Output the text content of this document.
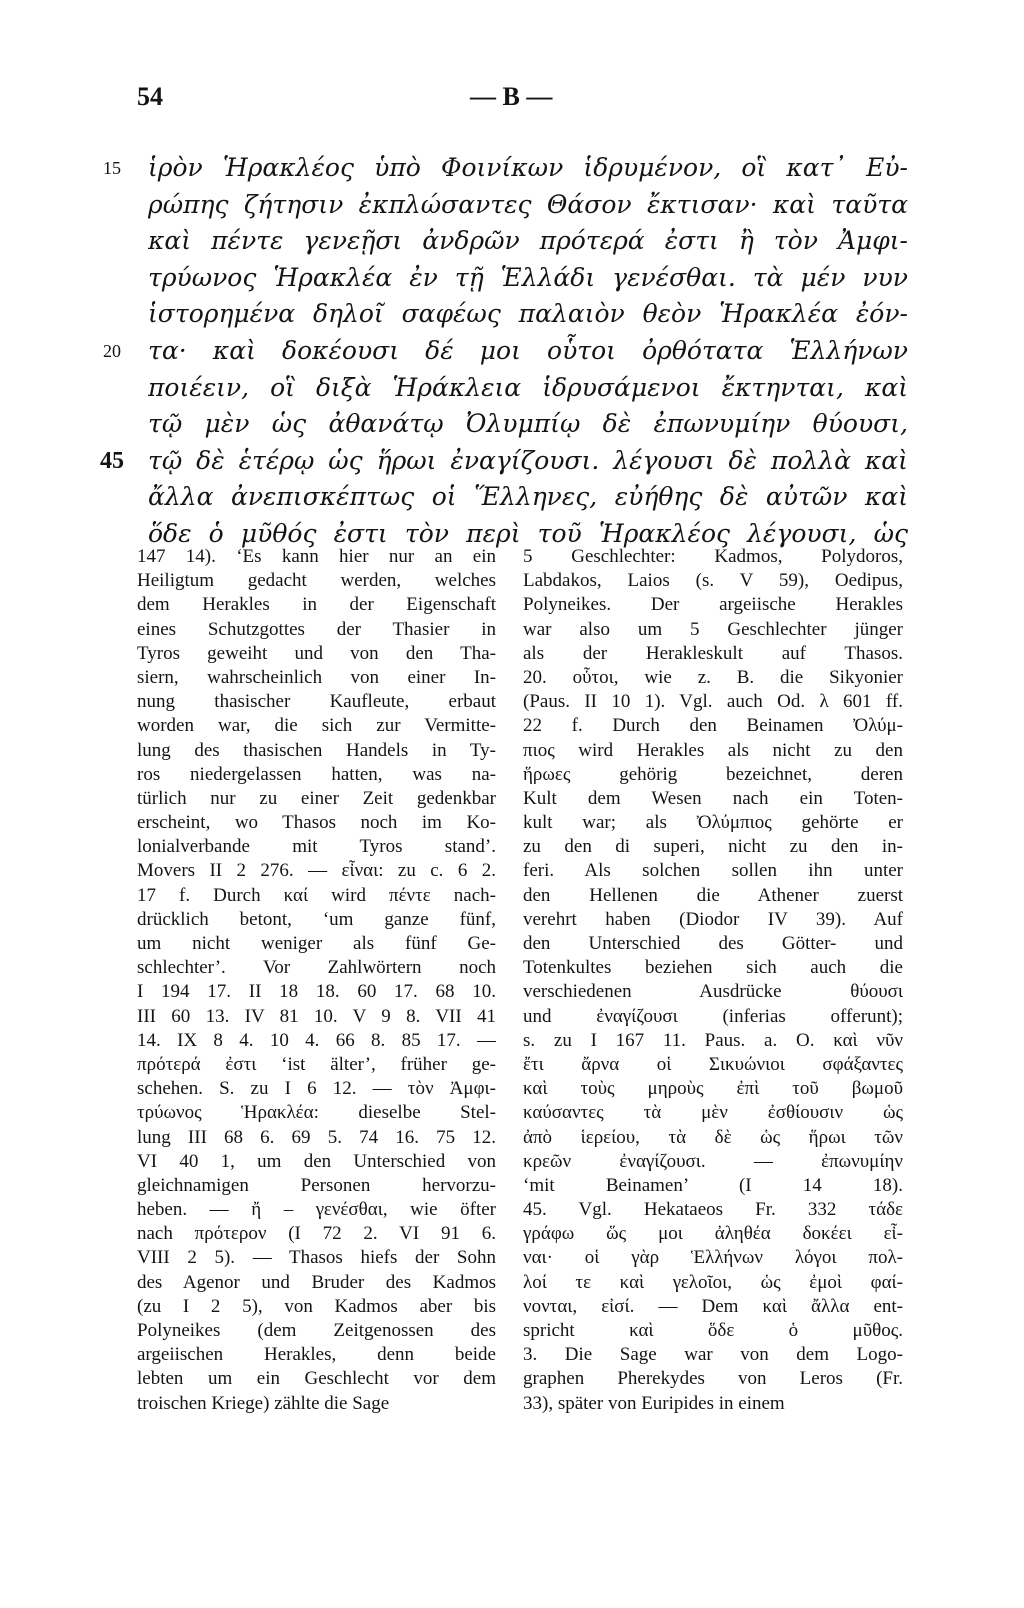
54	— B —
15 ἱρὸν Ἡρακλέος ὑπὸ Φοινίκων ἱδρυμένον, οἳ κατ᾽ Εὐ-
ρώπης ζήτησιν ἐκπλώσαντες Θάσον ἔκτισαν· καὶ ταῦτα
καὶ πέντε γενεῇσι ἀνδρῶν πρότερά ἐστι ἢ τὸν Ἀμφι-
τρύωνος Ἡρακλέα ἐν τῇ Ἑλλάδι γενέσθαι. τὰ μέν νυν
ἱστορημένα δηλοῖ σαφέως παλαιὸν θεὸν Ἡρακλέα ἐόν-
20 τα· καὶ δοκέουσι δέ μοι οὗτοι ὀρθότατα Ἑλλήνων
ποιέειν, οἳ διξὰ Ἡράκλεια ἱδρυσάμενοι ἔκτηνται, καὶ
τῷ μὲν ὡς ἀθανάτῳ Ὀλυμπίῳ δὲ ἐπωνυμίην θύουσι,
45 τῷ δὲ ἑτέρῳ ὡς ἥρωι ἐναγίζουσι. λέγουσι δὲ πολλὰ καὶ
ἄλλα ἀνεπισκέπτως οἱ Ἕλληνες, εὐήθης δὲ αὐτῶν καὶ
ὅδε ὁ μῦθός ἐστι τὸν περὶ τοῦ Ἡρακλέος λέγουσι, ὡς
147 14). ‘Es kann hier nur an ein
Heiligtum gedacht werden, welches
dem Herakles in der Eigenschaft
eines Schutzgottes der Thasier in
Tyros geweiht und von den Tha-
siern, wahrscheinlich von einer In-
nung thasischer Kaufleute, erbaut
worden war, die sich zur Vermitte-
lung des thasischen Handels in Ty-
ros niedergelassen hatten, was na-
türlich nur zu einer Zeit gedenkbar
erscheint, wo Thasos noch im Ko-
lonialverbande mit Tyros stand’.
Movers II 2 276. — εἶναι: zu c. 6 2.
17 f. Durch καί wird πέντε nach-
drücklich betont, ‘um ganze fünf,
um nicht weniger als fünf Ge-
schlechter’. Vor Zahlwörtern noch
I 194 17. II 18 18. 60 17. 68 10.
III 60 13. IV 81 10. V 9 8. VII 41
14. IX 8 4. 10 4. 66 8. 85 17. —
πρότερά ἐστι ‘ist älter’, früher ge-
schehen. S. zu I 6 12. — τὸν Ἀμφι-
τρύωνος Ἡρακλέα: dieselbe Stel-
lung III 68 6. 69 5. 74 16. 75 12.
VI 40 1, um den Unterschied von
gleichnamigen Personen hervorzu-
heben. — ἤ – γενέσθαι, wie öfter
nach πρότερον (I 72 2. VI 91 6.
VIII 2 5). — Thasos hiefs der Sohn
des Agenor und Bruder des Kadmos
(zu I 2 5), von Kadmos aber bis
Polyneikes (dem Zeitgenossen des
argeiischen Herakles, denn beide
lebten um ein Geschlecht vor dem
troischen Kriege) zählte die Sage
5 Geschlechter: Kadmos, Polydoros,
Labdakos, Laios (s. V 59), Oedipus,
Polyneikes. Der argeiische Herakles
war also um 5 Geschlechter jünger
als der Herakleskult auf Thasos.
20. οὗτοι, wie z. B. die Sikyonier
(Paus. II 10 1). Vgl. auch Od. λ 601 ff.
22 f. Durch den Beinamen Ὀλύμ-
πιος wird Herakles als nicht zu den
ἥρωες gehörig bezeichnet, deren
Kult dem Wesen nach ein Toten-
kult war; als Ὀλύμπιος gehörte er
zu den di superi, nicht zu den in-
feri. Als solchen sollen ihn unter
den Hellenen die Athener zuerst
verehrt haben (Diodor IV 39). Auf
den Unterschied des Götter- und
Totenkultes beziehen sich auch die
verschiedenen Ausdrücke θύουσι
und ἐναγίζουσι (inferias offerunt);
s. zu I 167 11. Paus. a. O. καὶ νῦν
ἔτι ἄρνα οἱ Σικυώνιοι σφάξαντες
καὶ τοὺς μηροὺς ἐπὶ τοῦ βωμοῦ
καύσαντες τὰ μὲν ἐσθίουσιν ὡς
ἀπὸ ἱερείου, τὰ δὲ ὡς ἥρωι τῶν
κρεῶν ἐναγίζουσι. — ἐπωνυμίην
‘mit Beinamen’ (I 14 18).
45. Vgl. Hekataeos Fr. 332 τάδε
γράφω ὥς μοι ἀληθέα δοκέει εἶ-
ναι· οἱ γὰρ Ἑλλήνων λόγοι πολ-
λοί τε καὶ γελοῖοι, ὡς ἐμοὶ φαί-
νονται, εἰσί. — Dem καὶ ἄλλα ent-
spricht καὶ ὅδε ὁ μῦθος.
3. Die Sage war von dem Logo-
graphen Pherekydes von Leros (Fr.
33), später von Euripides in einem
